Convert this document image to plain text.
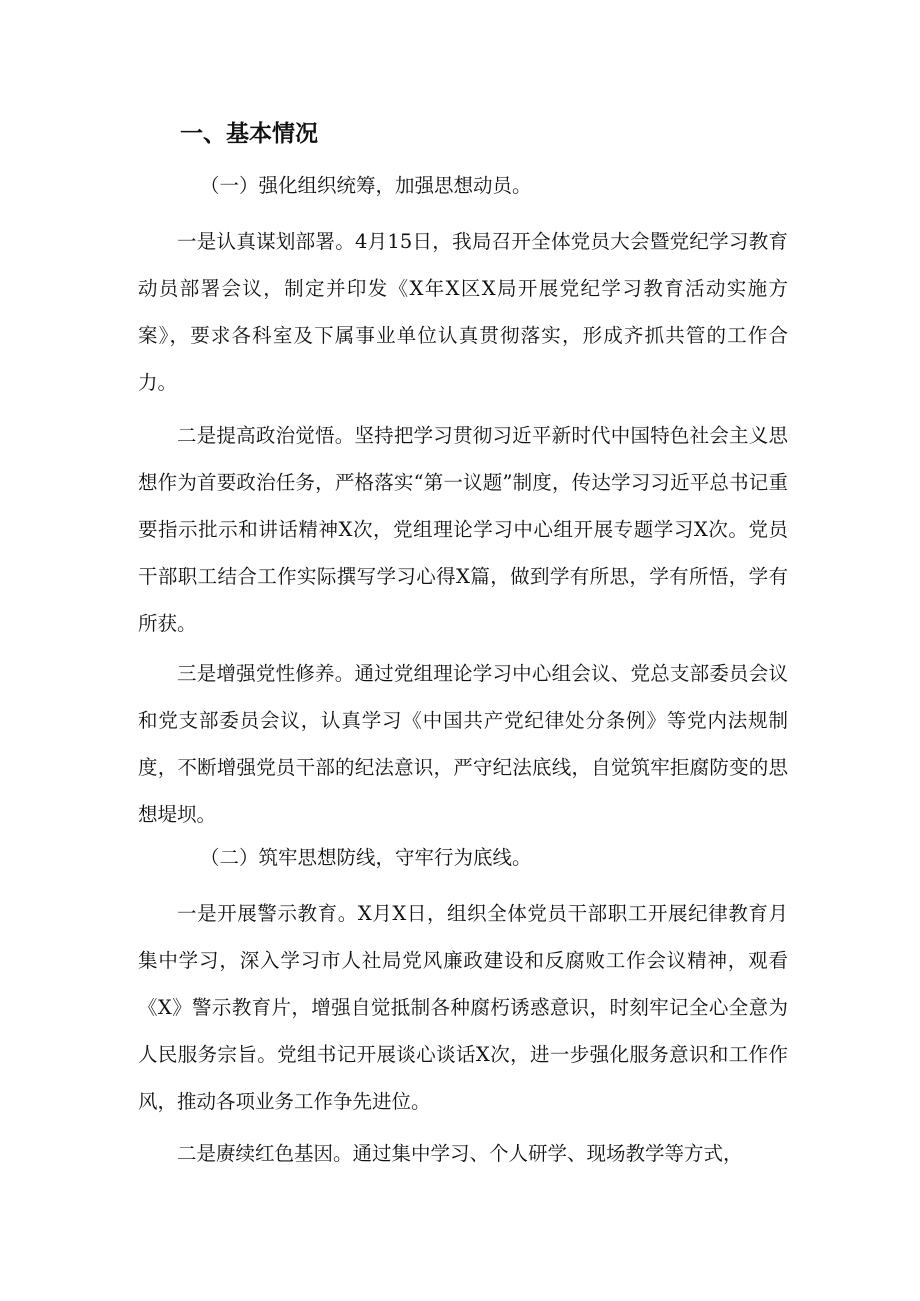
一、基本情况

（一）强化组织统筹，加强思想动员。

一是认真谋划部署。4月15日，我局召开全体党员大会暨党纪学习教育动员部署会议，制定并印发《X年X区X局开展党纪学习教育活动实施方案》，要求各科室及下属事业单位认真贯彻落实，形成齐抓共管的工作合力。

二是提高政治觉悟。坚持把学习贯彻习近平新时代中国特色社会主义思想作为首要政治任务，严格落实“第一议题”制度，传达学习习近平总书记重要指示批示和讲话精神X次，党组理论学习中心组开展专题学习X次。党员干部职工结合工作实际撰写学习心得X篇，做到学有所思，学有所悟，学有所获。

三是增强党性修养。通过党组理论学习中心组会议、党总支部委员会议和党支部委员会议，认真学习《中国共产党纪律处分条例》等党内法规制度，不断增强党员干部的纪法意识，严守纪法底线，自觉筑牢拒腐防变的思想堤坝。

（二）筑牢思想防线，守牢行为底线。

一是开展警示教育。X月X日，组织全体党员干部职工开展纪律教育月集中学习，深入学习市人社局党风廉政建设和反腐败工作会议精神，观看《X》警示教育片，增强自觉抵制各种腐朽诱惑意识，时刻牢记全心全意为人民服务宗旨。党组书记开展谈心谈话X次，进一步强化服务意识和工作作风，推动各项业务工作争先进位。

二是赓续红色基因。通过集中学习、个人研学、现场教学等方式，
